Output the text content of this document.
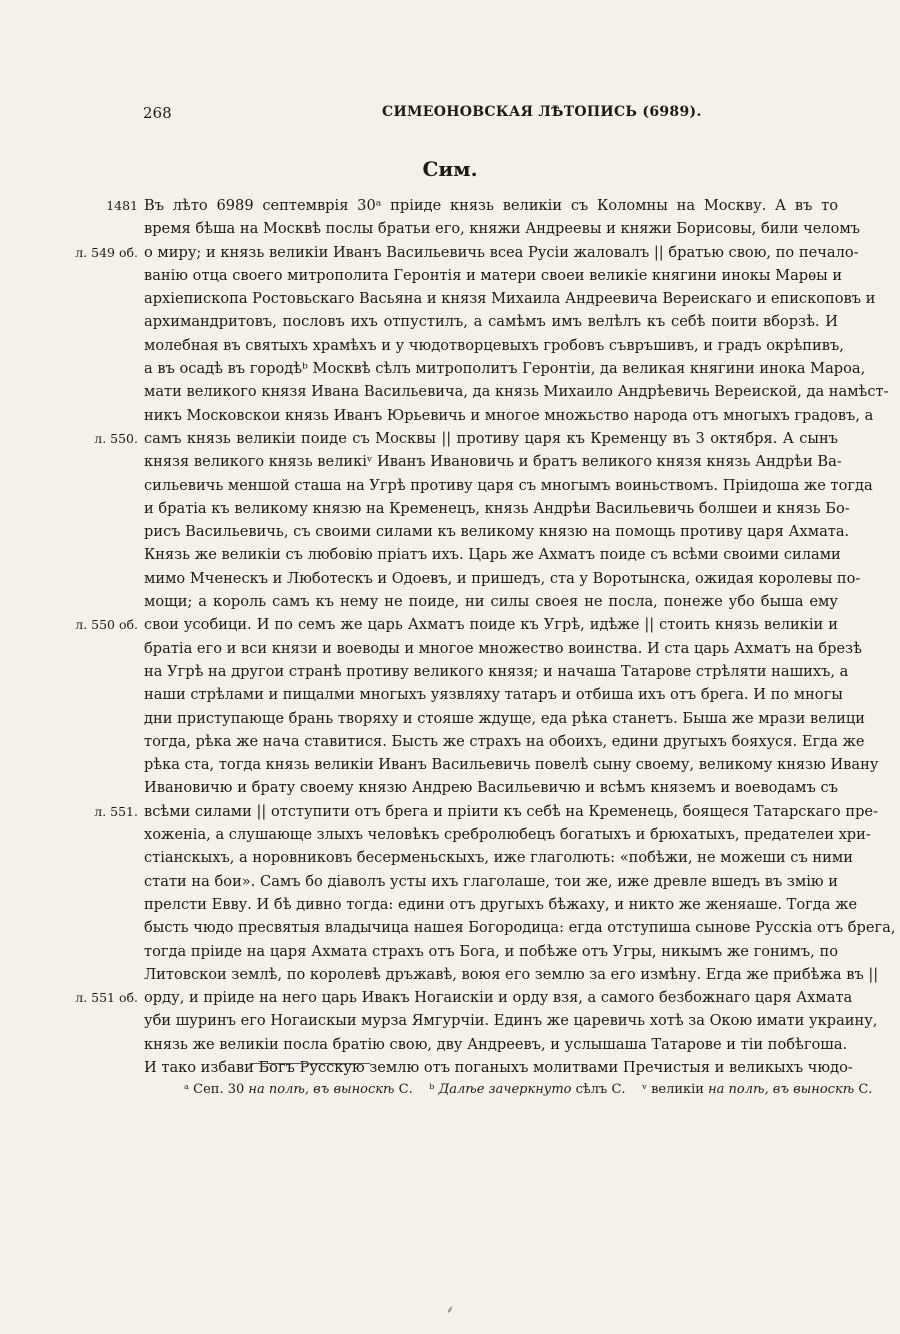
268	СИМЕОНОВСКАЯ ЛѢТОПИСЬ (6989).
Сим.
1481 Въ лѣто 6989 септемврія 30ᵃ пріиде князь великіи съ Коломны на Москву. А въ то
время бѣша на Москвѣ послы братьи его, княжи Андреевы и княжи Борисовы, били челомъ
л. 549 об. о миру; и князь великіи Иванъ Васильевичь всеа Русіи жаловалъ || братью свою, по печало-
ванію отца своего митрополита Геронтія и матери своеи великіе княгини инокы Марѳы и
архіепископа Ростовьскаго Васьяна и князя Михаила Андреевича Вереискаго и епископовъ и
архимандритовъ, пословъ ихъ отпустилъ, а самѣмъ имъ велѣлъ къ себѣ поити вборзѣ. И
молебная въ святыхъ храмѣхъ и у чюдотворцевыхъ гробовъ съвръшивъ, и градъ окрѣпивъ,
а въ осадѣ въ городѣᵇ Москвѣ сѣлъ митрополитъ Геронтіи, да великая княгини инока Мароа,
мати великого князя Ивана Васильевича, да князь Михаило Андрѣевичь Вереиской, да намѣст-
никъ Московскои князь Иванъ Юрьевичь и многое множьство народа отъ многыхъ градовъ, а
л. 550. самъ князь великіи поиде съ Москвы || противу царя къ Кременцу въ 3 октября. А сынъ
князя великого князь великіᵛ Иванъ Ивановичь и братъ великого князя князь Андрѣи Ва-
сильевичь меншой сташа на Угрѣ противу царя съ многымъ воиньствомъ. Пріидоша же тогда
и братіа къ великому князю на Кременецъ, князь Андрѣи Васильевичь болшеи и князь Бо-
рисъ Васильевичь, съ своими силами къ великому князю на помощь противу царя Ахмата.
Князь же великіи съ любовію пріатъ ихъ. Царь же Ахматъ поиде съ всѣми своими силами
мимо Мченескъ и Люботескъ и Одоевъ, и пришедъ, ста у Воротынска, ожидая королевы по-
мощи; а король самъ къ нему не поиде, ни силы своея не посла, понеже убо быша ему
л. 550 об. свои усобици. И по семъ же царь Ахматъ поиде къ Угрѣ, идѣже || стоить князь великіи и
братіа его и вси князи и воеводы и многое множество воинства. И ста царь Ахматъ на брезѣ
на Угрѣ на другои странѣ противу великого князя; и начаша Татарове стрѣляти нашихъ, а
наши стрѣлами и пищалми многыхъ уязвляху татаръ и отбиша ихъ отъ брега. И по многы
дни приступающе брань творяху и стояше ждуще, еда рѣка станетъ. Быша же мрази велици
тогда, рѣка же нача ставитися. Бысть же страхъ на обоихъ, едини другыхъ бояхуся. Егда же
рѣка ста, тогда князь великіи Иванъ Васильевичь повелѣ сыну своему, великому князю Ивану
Ивановичю и брату своему князю Андрею Васильевичю и всѣмъ княземъ и воеводамъ съ
л. 551. всѣми силами || отступити отъ брега и пріити къ себѣ на Кременець, боящеся Татарскаго пре-
хоженіа, а слушающе злыхъ человѣкъ сребролюбецъ богатыхъ и брюхатыхъ, предателеи хри-
стіанскыхъ, а норовниковъ бесерменьскыхъ, иже глаголють: «побѣжи, не можеши съ ними
стати на бои». Самъ бо діаволъ усты ихъ глаголаше, тои же, иже древле вшедъ въ змію и
прелсти Евву. И бѣ дивно тогда: едини отъ другыхъ бѣжаху, и никто же женяаше. Тогда же
бысть чюдо пресвятыя владычица нашея Богородица: егда отступиша сынове Русскіа отъ брега,
тогда пріиде на царя Ахмата страхъ отъ Бога, и побѣже отъ Угры, никымъ же гонимъ, по
Литовскои землѣ, по королевѣ дръжавѣ, воюя его землю за его измѣну. Егда же прибѣжа въ ||
л. 551 об. орду, и пріиде на него царь Ивакъ Ногаискіи и орду взя, а самого безбожнаго царя Ахмата
уби шуринъ его Ногаискыи мурза Ямгурчіи. Единъ же царевичь хотѣ за Окою имати украину,
князь же великіи посла братію свою, дву Андреевъ, и услышаша Татарове и тіи побѣгоша.
И тако избави Богъ Русскую землю отъ поганыхъ молитвами Пречистыя и великыхъ чюдо-
ᵃ Сеп. 30 на полѣ, въ выноскѣ С. ᵇ Далѣе зачеркнуто сѣлъ С. ᵛ великіи на полѣ, въ выноскѣ С.
⸙
